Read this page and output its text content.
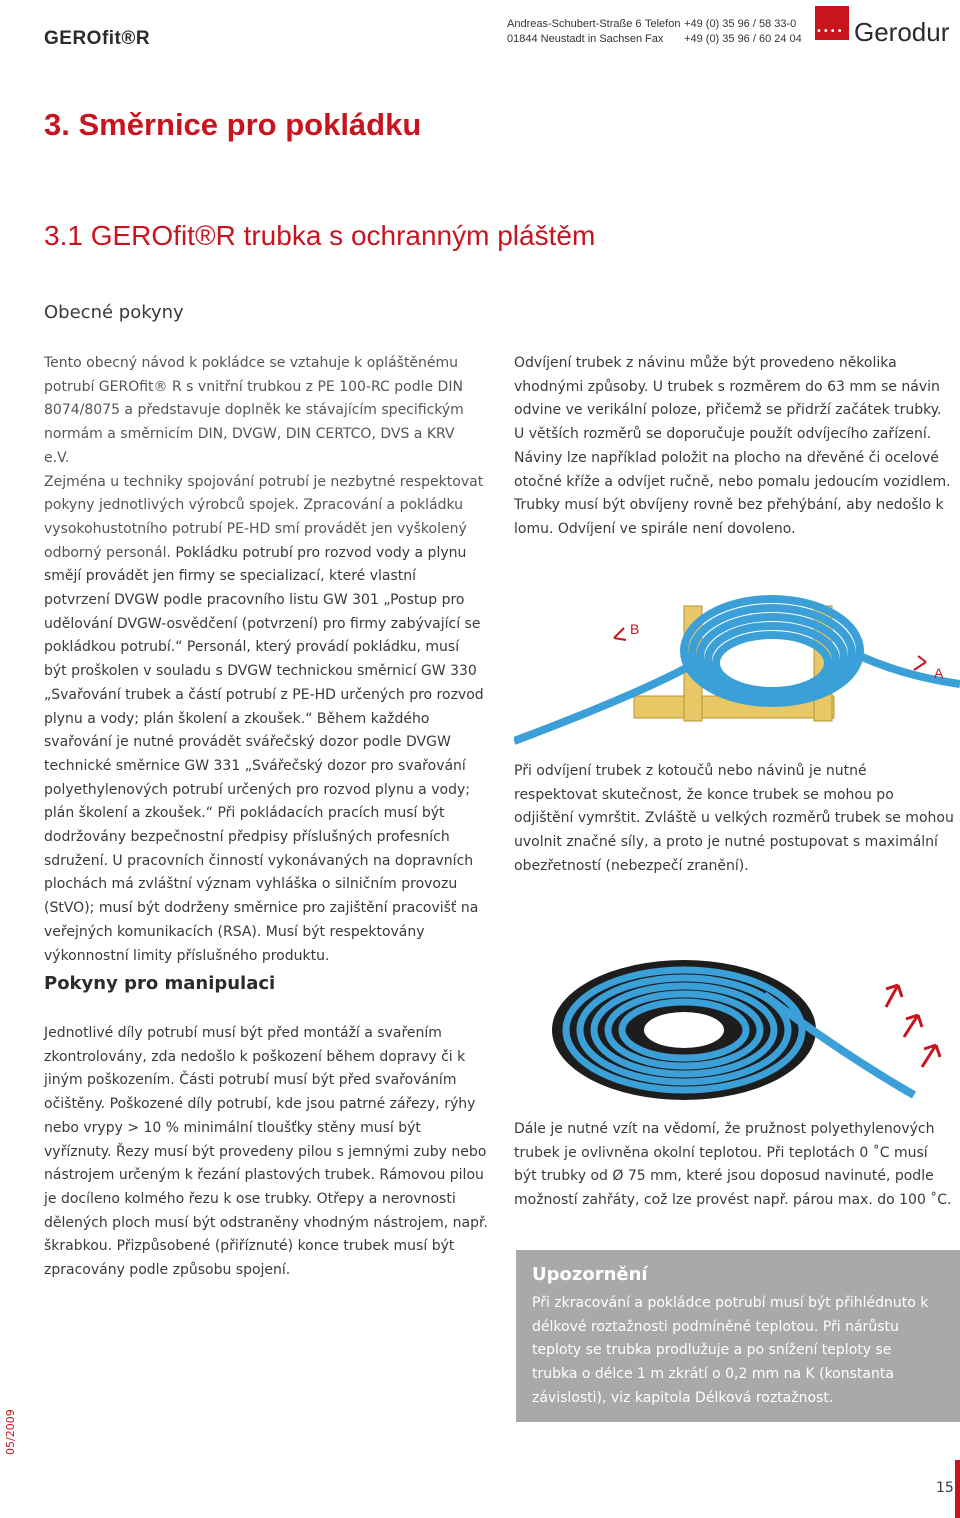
GEROfit®R
Andreas-Schubert-Straße 6
01844 Neustadt in Sachsen
Telefon +49 (0) 35 96 / 58 33-0
Fax +49 (0) 35 96 / 60 24 04
•••• Gerodur
3. Směrnice pro pokládku
3.1 GEROfit®R trubka s ochranným pláštěm
Obecné pokyny

Tento obecný návod k pokládce se vztahuje k opláštěnému potrubí GEROfit® R s vnitřní trubkou z PE 100-RC podle DIN 8074/8075 a představuje doplněk ke stávajícím specifickým normám a směrnicím DIN, DVGW, DIN CERTCO, DVS a KRV e.V.

Zejména u techniky spojování potrubí je nezbytné respektovat pokyny jednotlivých výrobců spojek. Zpracování a pokládku vysokohustotního potrubí PE-HD smí provádět jen vyškolený odborný personál. Pokládku potrubí pro rozvod vody a plynu smějí provádět jen firmy se specializací, které vlastní potvrzení DVGW podle pracovního listu GW 301 „Postup pro udělování DVGW-osvědčení (potvrzení) pro firmy zabývající se pokládkou potrubí.“ Personál, který provádí pokládku, musí být proškolen v souladu s DVGW technickou směrnicí GW 330 „Svařování trubek a částí potrubí z PE-HD určených pro rozvod plynu a vody; plán školení a zkoušek.“ Během každého svařování je nutné provádět svářečský dozor podle DVGW technické směrnice GW 331 „Svářečský dozor pro svařování polyethylenových potrubí určených pro rozvod plynu a vody; plán školení a zkoušek.“ Při pokládacích pracích musí být dodržovány bezpečnostní předpisy příslušných profesních sdružení. U pracovních činností vykonávaných na dopravních plochách má zvláštní význam vyhláška o silničním provozu (StVO); musí být dodrženy směrnice pro zajištění pracovišť na veřejných komunikacích (RSA). Musí být respektovány výkonnostní limity příslušného produktu.
Pokyny pro manipulaci

Jednotlivé díly potrubí musí být před montáží a svařením zkontrolovány, zda nedošlo k poškození během dopravy či k jiným poškozením. Části potrubí musí být před svařováním očištěny. Poškozené díly potrubí, kde jsou patrné zářezy, rýhy nebo vrypy > 10 % minimální tloušťky stěny musí být vyříznuty. Řezy musí být provedeny pilou s jemnými zuby nebo nástrojem určeným k řezání plastových trubek. Rámovou pilou je docíleno kolmého řezu k ose trubky. Otřepy a nerovnosti dělených ploch musí být odstraněny vhodným nástrojem, např. škrabkou. Přizpůsobené (přiříznuté) konce trubek musí být zpracovány podle způsobu spojení.

Odvíjení trubek z návinu může být provedeno několika vhodnými způsoby. U trubek s rozměrem do 63 mm se návin odvine ve verikální poloze, přičemž se přidrží začátek trubky. U větších rozměrů se doporučuje použít odvíjecího zařízení. Náviny lze například položit na plocho na dřevěné či ocelové otočné kříže a odvíjet ručně, nebo pomalu jedoucím vozidlem. Trubky musí být obvíjeny rovně bez přehýbání, aby nedošlo k lomu. Odvíjení ve spirále není dovoleno.

B
A

Při odvíjení trubek z kotoučů nebo návinů je nutné respektovat skutečnost, že konce trubek se mohou po odjištění vymrštit. Zvláště u velkých rozměrů trubek se mohou uvolnit značné síly, a proto je nutné postupovat s maximální obezřetností (nebezpečí zranění).

Dále je nutné vzít na vědomí, že pružnost polyethylenových trubek je ovlivněna okolní teplotou. Při teplotách 0 ˚C musí být trubky od Ø 75 mm, které jsou doposud navinuté, podle možností zahřáty, což lze provést např. párou max. do 100 ˚C.

Upozornění
Při zkracování a pokládce potrubí musí být přihlédnuto k délkové roztažnosti podmíněné teplotou. Při nárůstu teploty se trubka prodlužuje a po snížení teploty se trubka o délce 1 m zkrátí o 0,2 mm na K (konstanta závislosti), viz kapitola Délková roztažnost.
05/2009
15
